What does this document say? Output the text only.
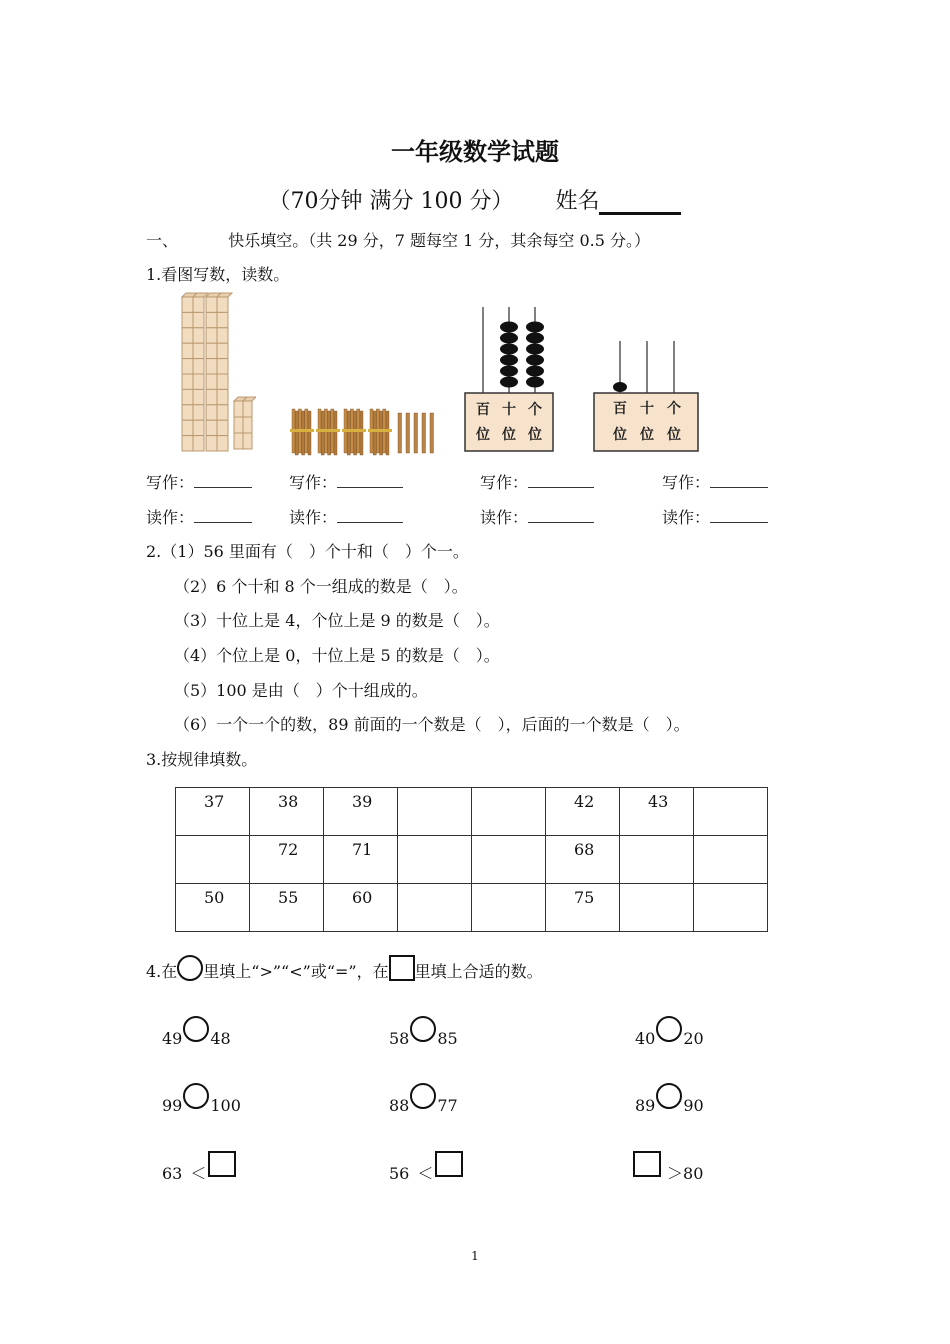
一年级数学试题
（70分钟 满分 100 分） 姓名
一、	快乐填空。（共 29 分，7 题每空 1 分，其余每空 0.5 分。）
1.看图写数，读数。
百 十 个
位 位 位
百 十 个
位 位 位
写作：	写作：	写作：	写作：
读作：	读作：	读作：	读作：
2.（1）56 里面有（　）个十和（　）个一。
（2）6 个十和 8 个一组成的数是（　）。
（3）十位上是 4，个位上是 9 的数是（　）。
（4）个位上是 0，十位上是 5 的数是（　）。
（5）100 是由（　）个十组成的。
（6）一个一个的数，89 前面的一个数是（　），后面的一个数是（　）。
3.按规律填数。
37	38	39			42	43	
	72	71			68		
50	55	60			75		
4.在 里填上“>”“<”或“=”，在 里填上合适的数。
49 48	58 85	40 20
99 100	88 77	89 90
63 ＜	56 ＜	＞80
1
